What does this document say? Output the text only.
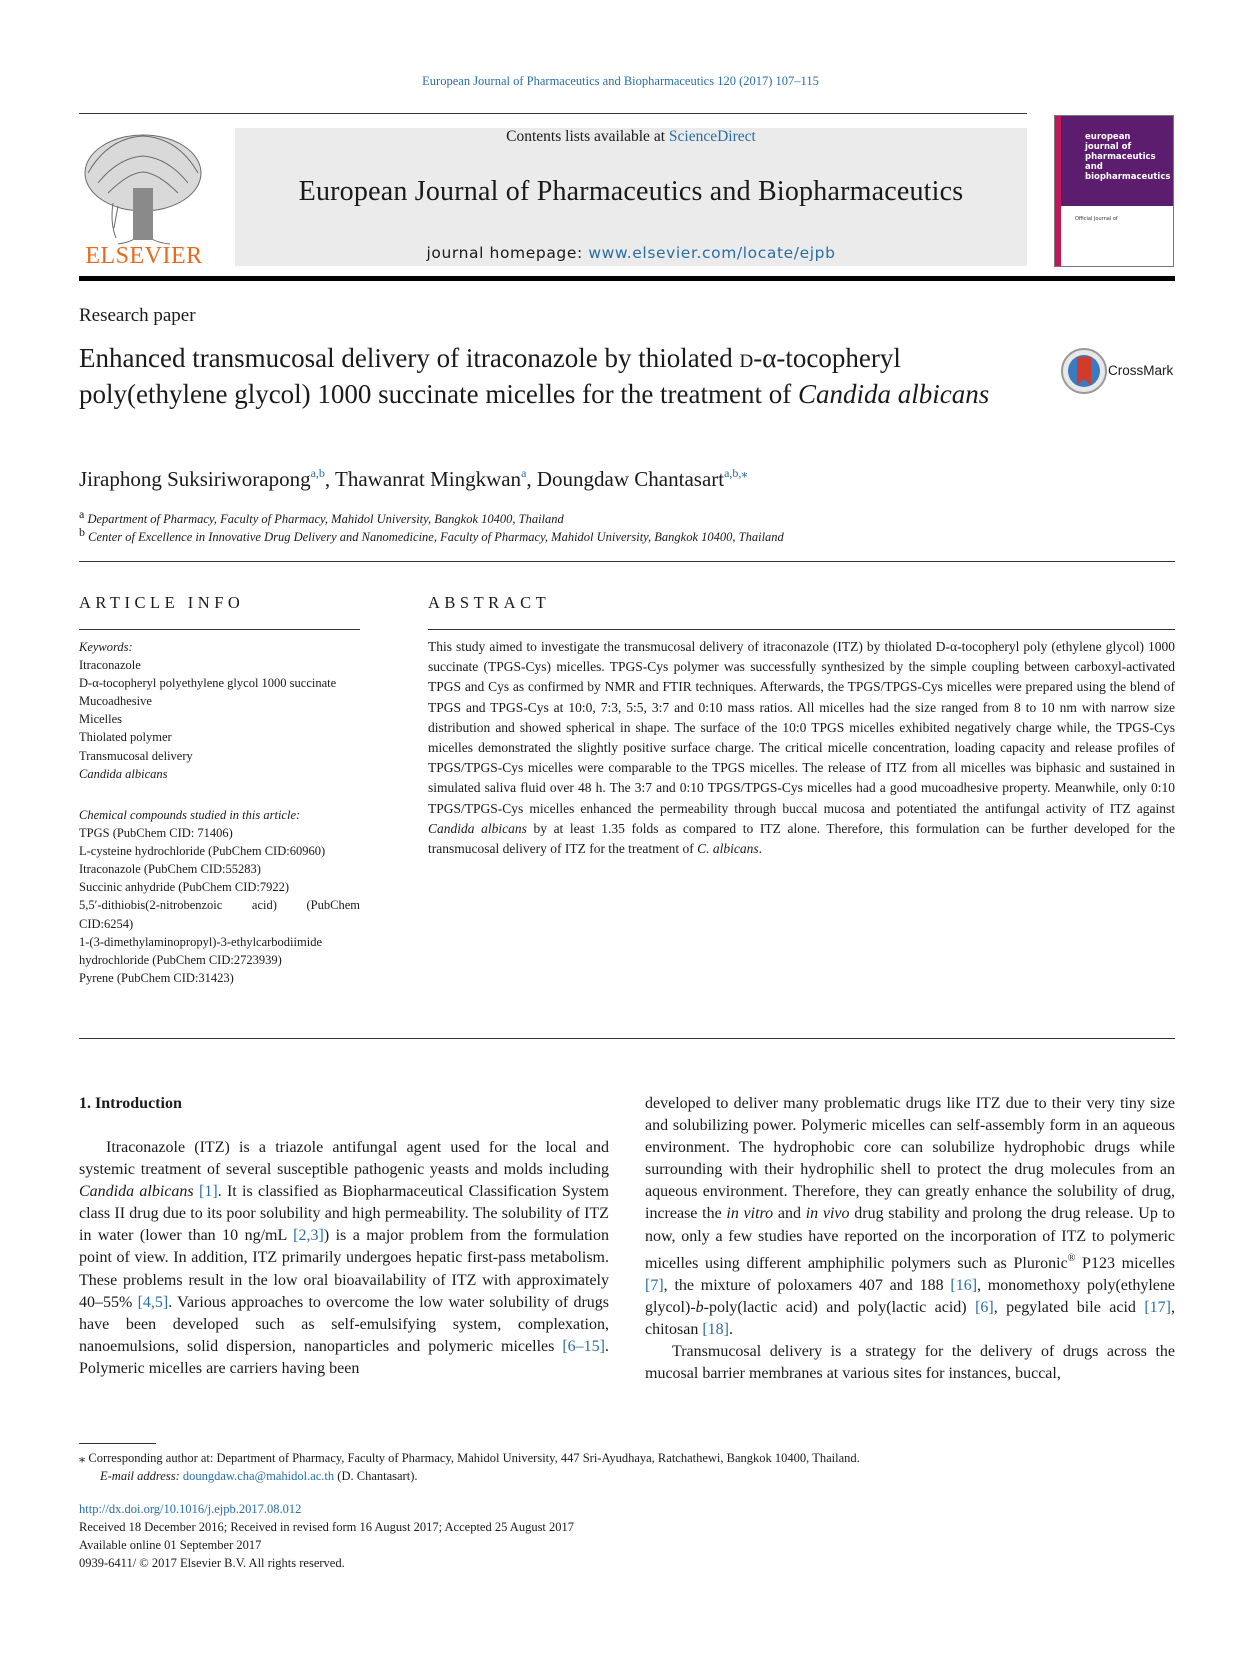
European Journal of Pharmaceutics and Biopharmaceutics 120 (2017) 107–115
ELSEVIER
Contents lists available at ScienceDirect
European Journal of Pharmaceutics and Biopharmaceutics
journal homepage: www.elsevier.com/locate/ejpb
european
journal of
pharmaceutics and
biopharmaceutics
Official Journal of
Research paper
Enhanced transmucosal delivery of itraconazole by thiolated d-α-tocopheryl poly(ethylene glycol) 1000 succinate micelles for the treatment of Candida albicans
CrossMark
Jiraphong Suksiriworapong$^{a,b}$, Thawanrat Mingkwan$^a$, Doungdaw Chantasart$^{a,b,⁎}$
$^a$ Department of Pharmacy, Faculty of Pharmacy, Mahidol University, Bangkok 10400, Thailand
$^b$ Center of Excellence in Innovative Drug Delivery and Nanomedicine, Faculty of Pharmacy, Mahidol University, Bangkok 10400, Thailand
ARTICLE INFO	ABSTRACT
Keywords:
Itraconazole
D-α-tocopheryl polyethylene glycol 1000 succinate
Mucoadhesive
Micelles
Thiolated polymer
Transmucosal delivery
Candida albicans
Chemical compounds studied in this article:
TPGS (PubChem CID: 71406)
L-cysteine hydrochloride (PubChem CID:60960)
Itraconazole (PubChem CID:55283)
Succinic anhydride (PubChem CID:7922)
5,5′-dithiobis(2-nitrobenzoic acid) (PubChem CID:6254)
1-(3-dimethylaminopropyl)-3-ethylcarbodiimide hydrochloride (PubChem CID:2723939)
Pyrene (PubChem CID:31423)
This study aimed to investigate the transmucosal delivery of itraconazole (ITZ) by thiolated D-α-tocopheryl poly (ethylene glycol) 1000 succinate (TPGS-Cys) micelles. TPGS-Cys polymer was successfully synthesized by the simple coupling between carboxyl-activated TPGS and Cys as confirmed by NMR and FTIR techniques. Afterwards, the TPGS/TPGS-Cys micelles were prepared using the blend of TPGS and TPGS-Cys at 10:0, 7:3, 5:5, 3:7 and 0:10 mass ratios. All micelles had the size ranged from 8 to 10 nm with narrow size distribution and showed spherical in shape. The surface of the 10:0 TPGS micelles exhibited negatively charge while, the TPGS-Cys micelles demonstrated the slightly positive surface charge. The critical micelle concentration, loading capacity and release profiles of TPGS/TPGS-Cys micelles were comparable to the TPGS micelles. The release of ITZ from all micelles was biphasic and sustained in simulated saliva fluid over 48 h. The 3:7 and 0:10 TPGS/TPGS-Cys micelles had a good mucoadhesive property. Meanwhile, only 0:10 TPGS/TPGS-Cys micelles enhanced the permeability through buccal mucosa and potentiated the antifungal activity of ITZ against Candida albicans by at least 1.35 folds as compared to ITZ alone. Therefore, this formulation can be further developed for the transmucosal delivery of ITZ for the treatment of C. albicans.
1. Introduction
Itraconazole (ITZ) is a triazole antifungal agent used for the local and systemic treatment of several susceptible pathogenic yeasts and molds including Candida albicans [1]. It is classified as Biopharmaceutical Classification System class II drug due to its poor solubility and high permeability. The solubility of ITZ in water (lower than 10 ng/mL [2,3]) is a major problem from the formulation point of view. In addition, ITZ primarily undergoes hepatic first-pass metabolism. These problems result in the low oral bioavailability of ITZ with approximately 40–55% [4,5]. Various approaches to overcome the low water solubility of drugs have been developed such as self-emulsifying system, complexation, nanoemulsions, solid dispersion, nanoparticles and polymeric micelles [6–15]. Polymeric micelles are carriers having been

developed to deliver many problematic drugs like ITZ due to their very tiny size and solubilizing power. Polymeric micelles can self-assembly form in an aqueous environment. The hydrophobic core can solubilize hydrophobic drugs while surrounding with their hydrophilic shell to protect the drug molecules from an aqueous environment. Therefore, they can greatly enhance the solubility of drug, increase the in vitro and in vivo drug stability and prolong the drug release. Up to now, only a few studies have reported on the incorporation of ITZ to polymeric micelles using different amphiphilic polymers such as Pluronic® P123 micelles [7], the mixture of poloxamers 407 and 188 [16], monomethoxy poly(ethylene glycol)-b-poly(lactic acid) and poly(lactic acid) [6], pegylated bile acid [17], chitosan [18].

Transmucosal delivery is a strategy for the delivery of drugs across the mucosal barrier membranes at various sites for instances, buccal,

⁎ Corresponding author at: Department of Pharmacy, Faculty of Pharmacy, Mahidol University, 447 Sri-Ayudhaya, Ratchathewi, Bangkok 10400, Thailand.
E-mail address: doungdaw.cha@mahidol.ac.th (D. Chantasart).
http://dx.doi.org/10.1016/j.ejpb.2017.08.012
Received 18 December 2016; Received in revised form 16 August 2017; Accepted 25 August 2017
Available online 01 September 2017
0939-6411/ © 2017 Elsevier B.V. All rights reserved.
